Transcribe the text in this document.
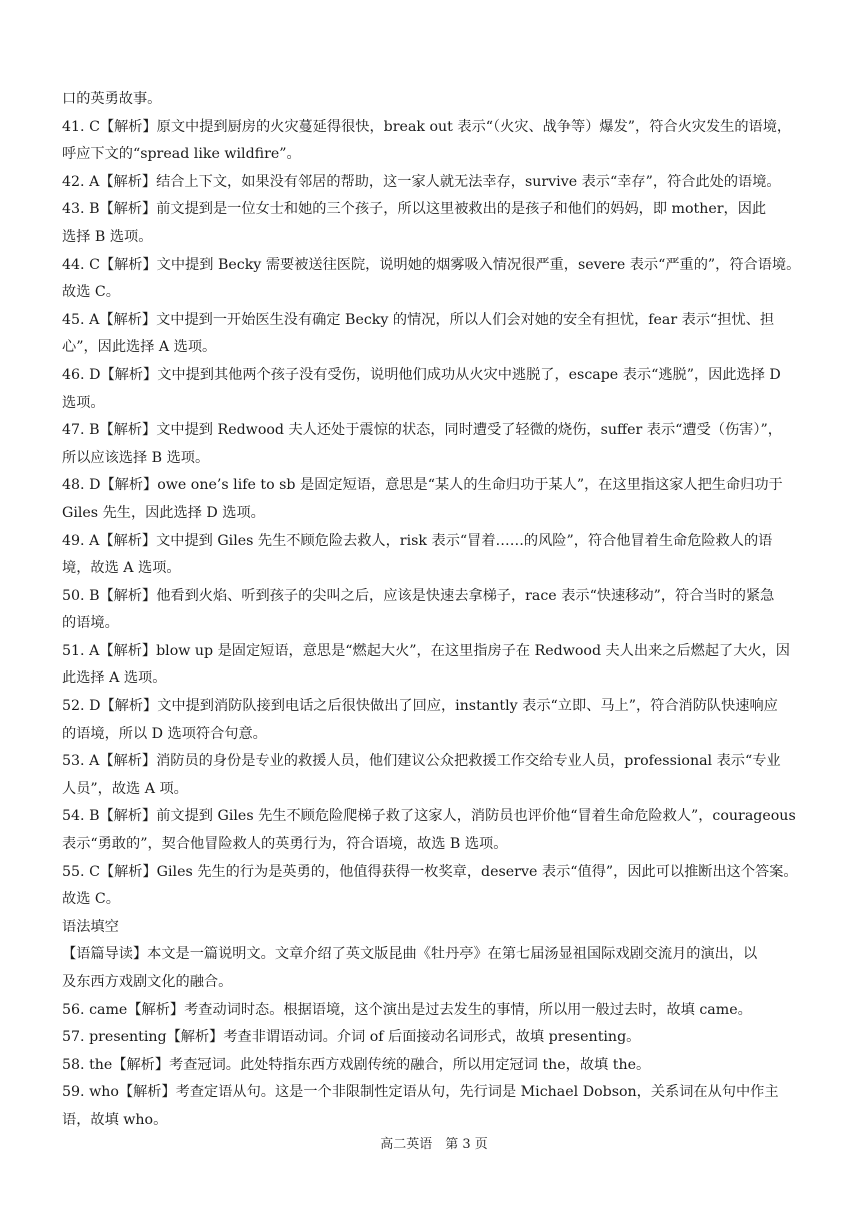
口的英勇故事。
41. C【解析】原文中提到厨房的火灾蔓延得很快，break out 表示“（火灾、战争等）爆发”，符合火灾发生的语境，
呼应下文的“spread like wildfire”。
42. A【解析】结合上下文，如果没有邻居的帮助，这一家人就无法幸存，survive 表示“幸存”，符合此处的语境。
43. B【解析】前文提到是一位女士和她的三个孩子，所以这里被救出的是孩子和他们的妈妈，即 mother，因此
选择 B 选项。
44. C【解析】文中提到 Becky 需要被送往医院，说明她的烟雾吸入情况很严重，severe 表示“严重的”，符合语境。
故选 C。
45. A【解析】文中提到一开始医生没有确定 Becky 的情况，所以人们会对她的安全有担忧，fear 表示“担忧、担
心”，因此选择 A 选项。
46. D【解析】文中提到其他两个孩子没有受伤，说明他们成功从火灾中逃脱了，escape 表示“逃脱”，因此选择 D
选项。
47. B【解析】文中提到 Redwood 夫人还处于震惊的状态，同时遭受了轻微的烧伤，suffer 表示“遭受（伤害）”，
所以应该选择 B 选项。
48. D【解析】owe one’s life to sb 是固定短语，意思是“某人的生命归功于某人”，在这里指这家人把生命归功于
Giles 先生，因此选择 D 选项。
49. A【解析】文中提到 Giles 先生不顾危险去救人，risk 表示“冒着……的风险”，符合他冒着生命危险救人的语
境，故选 A 选项。
50. B【解析】他看到火焰、听到孩子的尖叫之后，应该是快速去拿梯子，race 表示“快速移动”，符合当时的紧急
的语境。
51. A【解析】blow up 是固定短语，意思是“燃起大火”，在这里指房子在 Redwood 夫人出来之后燃起了大火，因
此选择 A 选项。
52. D【解析】文中提到消防队接到电话之后很快做出了回应，instantly 表示“立即、马上”，符合消防队快速响应
的语境，所以 D 选项符合句意。
53. A【解析】消防员的身份是专业的救援人员，他们建议公众把救援工作交给专业人员，professional 表示“专业
人员”，故选 A 项。
54. B【解析】前文提到 Giles 先生不顾危险爬梯子救了这家人，消防员也评价他“冒着生命危险救人”，courageous
表示“勇敢的”，契合他冒险救人的英勇行为，符合语境，故选 B 选项。
55. C【解析】Giles 先生的行为是英勇的，他值得获得一枚奖章，deserve 表示“值得”，因此可以推断出这个答案。
故选 C。
语法填空
【语篇导读】本文是一篇说明文。文章介绍了英文版昆曲《牡丹亭》在第七届汤显祖国际戏剧交流月的演出，以
及东西方戏剧文化的融合。
56. came【解析】考查动词时态。根据语境，这个演出是过去发生的事情，所以用一般过去时，故填 came。
57. presenting【解析】考查非谓语动词。介词 of 后面接动名词形式，故填 presenting。
58. the【解析】考查冠词。此处特指东西方戏剧传统的融合，所以用定冠词 the，故填 the。
59. who【解析】考查定语从句。这是一个非限制性定语从句，先行词是 Michael Dobson，关系词在从句中作主
语，故填 who。
高二英语　第 3 页
